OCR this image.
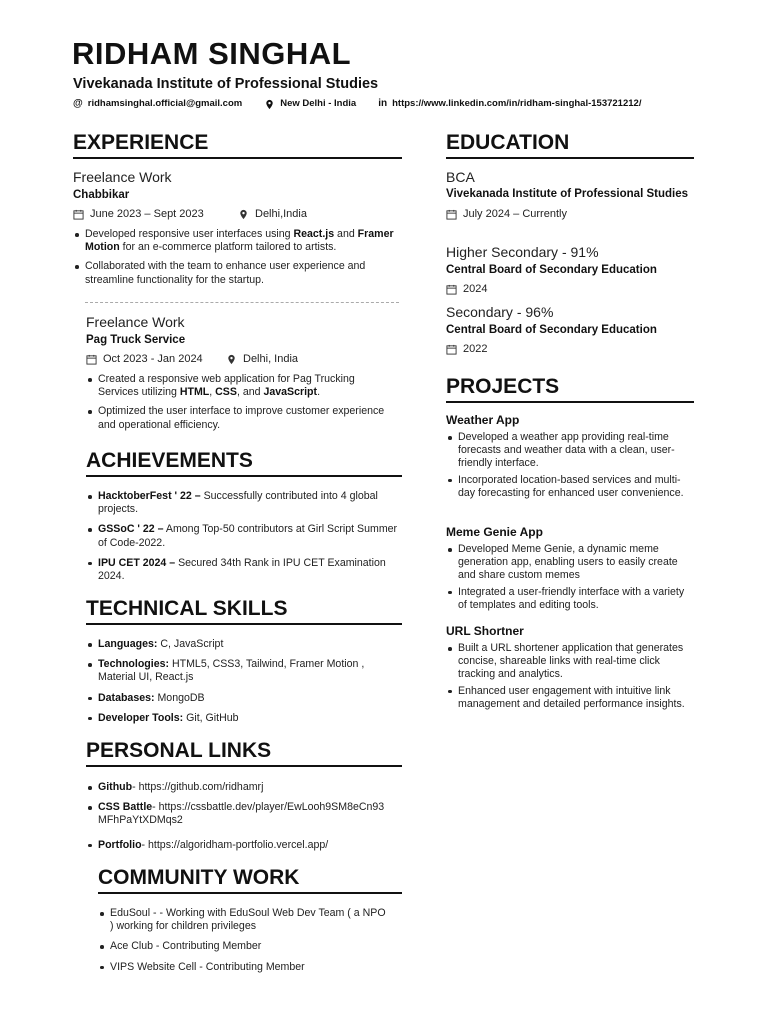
RIDHAM SINGHAL
Vivekanada Institute of Professional Studies
@ ridhamsinghal.official@gmail.com	New Delhi - India in https://www.linkedin.com/in/ridham-singhal-153721212/
EXPERIENCE
Freelance Work
Chabbikar
June 2023 – Sept 2023	Delhi,India
Developed responsive user interfaces using React.js and Framer Motion for an e-commerce platform tailored to artists.
Collaborated with the team to enhance user experience and streamline functionality for the startup.
Freelance Work
Pag Truck Service
Oct 2023 - Jan 2024	Delhi, India
Created a responsive web application for Pag Trucking Services utilizing HTML, CSS, and JavaScript.
Optimized the user interface to improve customer experience and operational efficiency.
ACHIEVEMENTS
HacktoberFest ' 22 – Successfully contributed into 4 global projects.
GSSoC ' 22 – Among Top-50 contributors at Girl Script Summer of Code-2022.
IPU CET 2024 – Secured 34th Rank in IPU CET Examination 2024.
TECHNICAL SKILLS
Languages: C, JavaScript
Technologies: HTML5, CSS3, Tailwind, Framer Motion , Material UI, React.js
Databases: MongoDB
Developer Tools: Git, GitHub
PERSONAL LINKS
Github- https://github.com/ridhamrj
CSS Battle- https://cssbattle.dev/player/EwLooh9SM8eCn93MFhPaYtXDMqs2
Portfolio- https://algoridham-portfolio.vercel.app/
COMMUNITY WORK
EduSoul - - Working with EduSoul Web Dev Team ( a NPO ) working for children privileges
Ace Club - Contributing Member
VIPS Website Cell - Contributing Member
EDUCATION
BCA
Vivekanada Institute of Professional Studies
July 2024 – Currently
Higher Secondary - 91%
Central Board of Secondary Education
2024
Secondary - 96%
Central Board of Secondary Education
2022
PROJECTS
Weather App
Developed a weather app providing real-time forecasts and weather data with a clean, user-friendly interface.
Incorporated location-based services and multi-day forecasting for enhanced user convenience.
Meme Genie App
Developed Meme Genie, a dynamic meme generation app, enabling users to easily create and share custom memes
Integrated a user-friendly interface with a variety of templates and editing tools.
URL Shortner
Built a URL shortener application that generates concise, shareable links with real-time click tracking and analytics.
Enhanced user engagement with intuitive link management and detailed performance insights.
